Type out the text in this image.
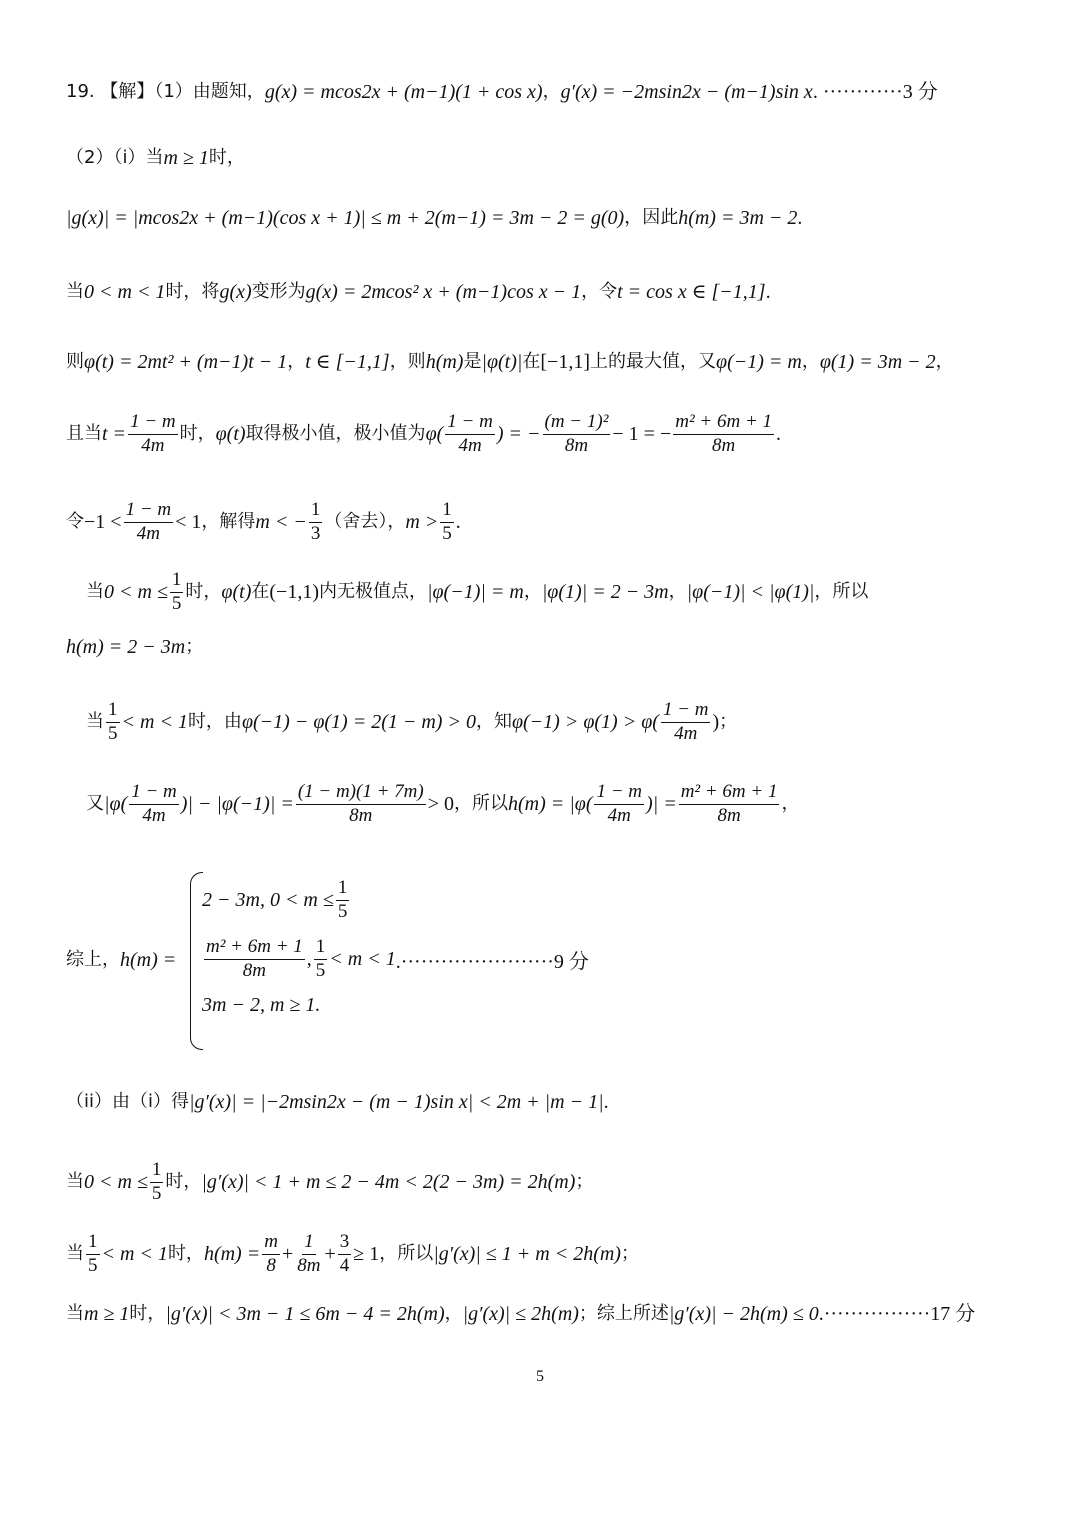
19. 【解】（1）由题知， g(x) = mcos2x + (m−1)(1 + cos x) ， g′(x) = −2msin2x − (m−1)sin x . ············3 分
（2）（i）当 m ≥ 1 时，
|g(x)| = |mcos2x + (m−1)(cos x + 1)| ≤ m + 2(m−1) = 3m − 2 = g(0) ，因此 h(m) = 3m − 2 .
当 0 < m < 1 时，将 g(x) 变形为 g(x) = 2mcos² x + (m−1)cos x − 1 ，令 t = cos x ∈ [−1,1] .
则 φ(t) = 2mt² + (m−1)t − 1 ， t ∈ [−1,1] ，则 h(m) 是 |φ(t)| 在 [−1,1] 上的最大值，又 φ(−1) = m ， φ(1) = 3m − 2 ，
且当 $t = \frac{1 - m}{4m}$ 时， φ(t) 取得极小值，极小值为 $\varphi( \frac{1 - m}{4m}$ ) = − $\frac{\text{(m − 1)²}}{8m} - 1$ = − $\frac{\text{m² + 6m + 1}}{8m}$ .
令 $-1 < \frac{1 - m}{4m} < 1$ ，解得 m < − $\frac{1}{3}$ （舍去）， $m > \frac{1}{5}$ .
当 $0 < m \le \frac{1}{5}$ 时， φ(t) 在 (−1,1) 内无极值点， |φ(−1)| = m ， |φ(1)| = 2 − 3m ， |φ(−1)| < |φ(1)| ，所以
h(m) = 2 − 3m ；
当 $\frac{1}{5} < m < 1$ 时，由 φ(−1) − φ(1) = 2(1 − m) > 0 ，知 $\varphi(-1) > \varphi(1) > \varphi( \frac{1 - m}{4m}$ ) ；
又 $|\varphi( \frac{1 - m}{4m}$ )| − $|\varphi(-1)| = \frac{(1 - m)(1 + 7m)}{8m} > 0$ ，所以 $h(m) = |\varphi( \frac{1 - m}{4m}$ )| = $\frac{\text{m² + 6m + 1}}{8m}$ ，
综上， h(m) =
2 − 3m, $0 < m \le \frac{1}{5}$
$\frac{\text{m² + 6m + 1}}{8m}$ , $\frac{1}{5} < m < 1$ .·······················9 分
3m − 2, m ≥ 1.
（ii）由（i）得 |g′(x)| = |−2msin2x − (m − 1)sin x| < 2m + |m − 1| .
当 $0 < m \le \frac{1}{5}$ 时， |g′(x)| < 1 + m ≤ 2 − 4m < 2(2 − 3m) = 2h(m) ；
当 $\frac{1}{5} < m < 1$ 时， $h(m) = \frac{m}{8} + \frac{1}{8m} + \frac{3}{4} \ge 1$ ，所以 |g′(x)| ≤ 1 + m < 2h(m) ；
当 m ≥ 1 时， |g′(x)| < 3m − 1 ≤ 6m − 4 = 2h(m) ， |g′(x)| ≤ 2h(m) ；综上所述 |g′(x)| − 2h(m) ≤ 0 .················17 分
5
